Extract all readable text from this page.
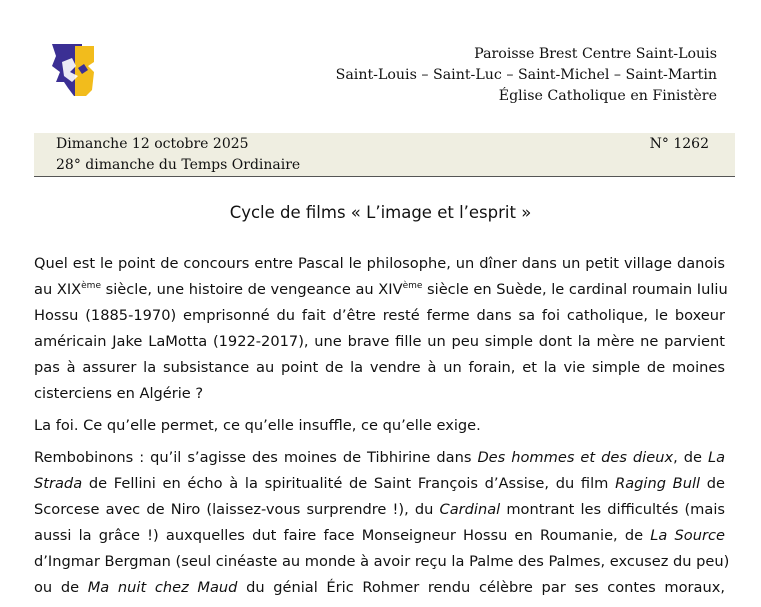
Paroisse Brest Centre Saint-Louis
Saint-Louis – Saint-Luc – Saint-Michel – Saint-Martin
Église Catholique en Finistère
Dimanche 12 octobre 2025
28° dimanche du Temps Ordinaire
N° 1262
Cycle de films « L’image et l’esprit »
Quel est le point de concours entre Pascal le philosophe, un dîner dans un petit village danois
au XIXème siècle, une histoire de vengeance au XIVème siècle en Suède, le cardinal roumain Iuliu
Hossu (1885-1970) emprisonné du fait d’être resté ferme dans sa foi catholique, le boxeur
américain Jake LaMotta (1922-2017), une brave fille un peu simple dont la mère ne parvient
pas à assurer la subsistance au point de la vendre à un forain, et la vie simple de moines
cisterciens en Algérie ?
La foi. Ce qu’elle permet, ce qu’elle insuffle, ce qu’elle exige.
Rembobinons : qu’il s’agisse des moines de Tibhirine dans Des hommes et des dieux, de La
Strada de Fellini en écho à la spiritualité de Saint François d’Assise, du film Raging Bull de
Scorcese avec de Niro (laissez-vous surprendre !), du Cardinal montrant les difficultés (mais
aussi la grâce !) auxquelles dut faire face Monseigneur Hossu en Roumanie, de La Source
d’Ingmar Bergman (seul cinéaste au monde à avoir reçu la Palme des Palmes, excusez du peu)
ou de Ma nuit chez Maud du génial Éric Rohmer rendu célèbre par ses contes moraux,
